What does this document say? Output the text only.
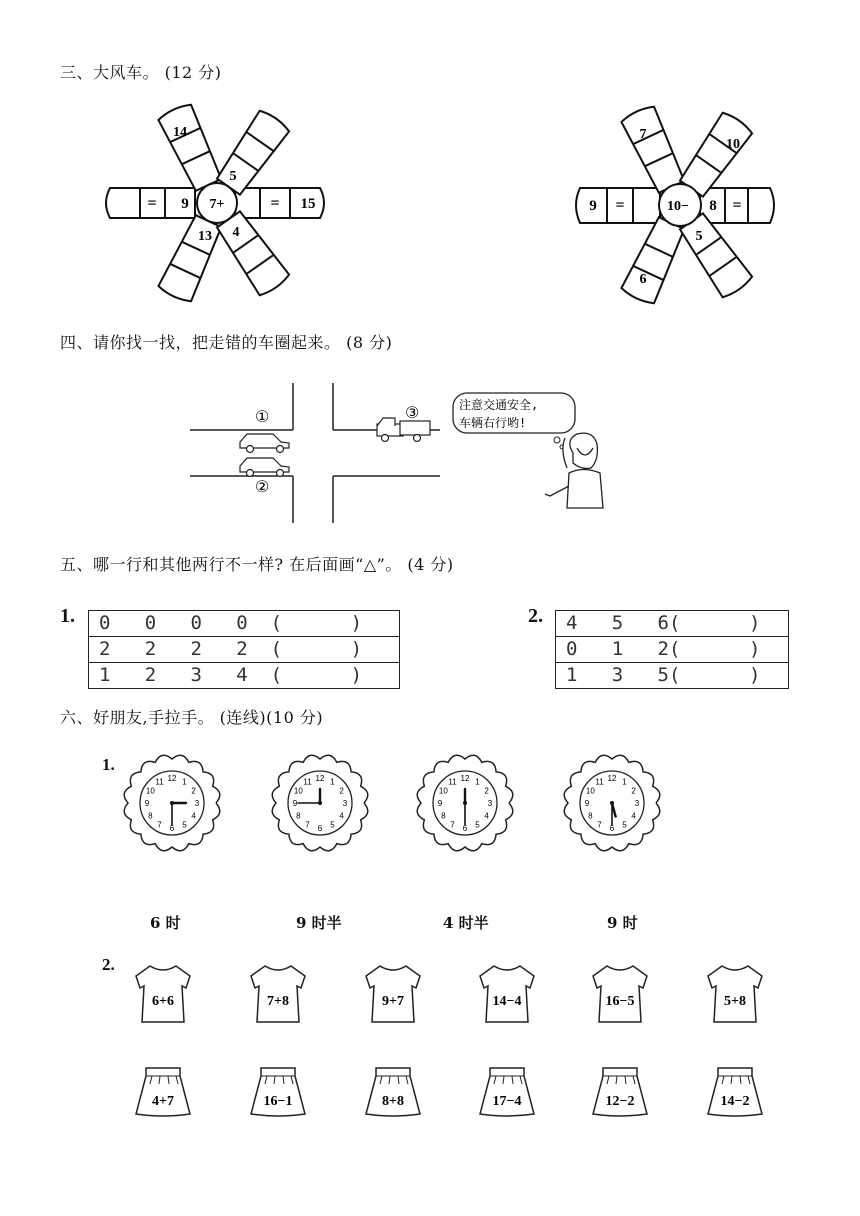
三、大风车。 (12 分)
四、请你找一找，把走错的车圈起来。 (8 分)
五、哪一行和其他两行不一样? 在后面画“△”。 (4 分)
六、好朋友,手拉手。 (连线)(10 分)
7+
= 9	= 15
14
5
13 4
10−
9 =	8 =
7
10
6
5
①
②
③	注意交通安全,
车辆右行哟!
1. 0   0   0   0  (      )
2   2   2   2  (      )
1   2   3   4  (      )
2. 4   5   6(      )
0   1   2(      )
1   3   5(      )
1.
12 1
2
3
4
5
6
7
8
9
10
11	12 1
2
3
4
5
6
7
8
9
10
11	12 1
2
3
4
5
6
7
8
9
10
11	12 1
2
3
4
5
6
7
8
9
10
11
6 时	9 时半	4 时半	9 时
2.
6+6	7+8	9+7	14−4	16−5	5+8
4+7	16−1	8+8	17−4	12−2	14−2
